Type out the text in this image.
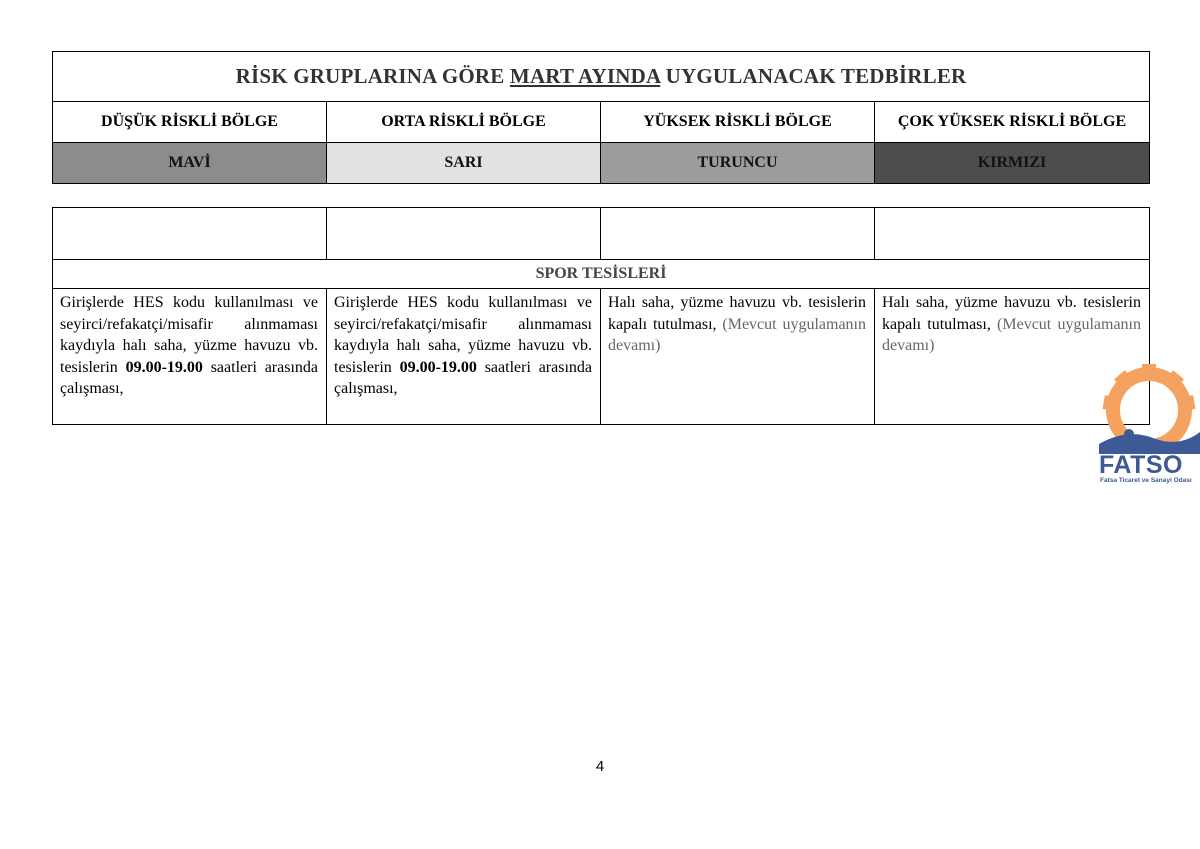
RİSK GRUPLARINA GÖRE MART AYINDA UYGULANACAK TEDBİRLER			
DÜŞÜK RİSKLİ BÖLGE	ORTA RİSKLİ BÖLGE	YÜKSEK RİSKLİ BÖLGE	ÇOK YÜKSEK RİSKLİ BÖLGE
MAVİ	SARI	TURUNCU	KIRMIZI

SPOR TESİSLERİ			
Girişlerde HES kodu kullanılması ve seyirci/refakatçi/misafir alınmaması kaydıyla halı saha, yüzme havuzu vb. tesislerin 09.00-19.00 saatleri arasında çalışması,	Girişlerde HES kodu kullanılması ve seyirci/refakatçi/misafir alınmaması kaydıyla halı saha, yüzme havuzu vb. tesislerin 09.00-19.00 saatleri arasında çalışması,	Halı saha, yüzme havuzu vb. tesislerin kapalı tutulması, (Mevcut uygulamanın devamı)	Halı saha, yüzme havuzu vb. tesislerin kapalı tutulması, (Mevcut uygulamanın devamı)
4
FATSO
Fatsa Ticaret ve Sanayi Odası
